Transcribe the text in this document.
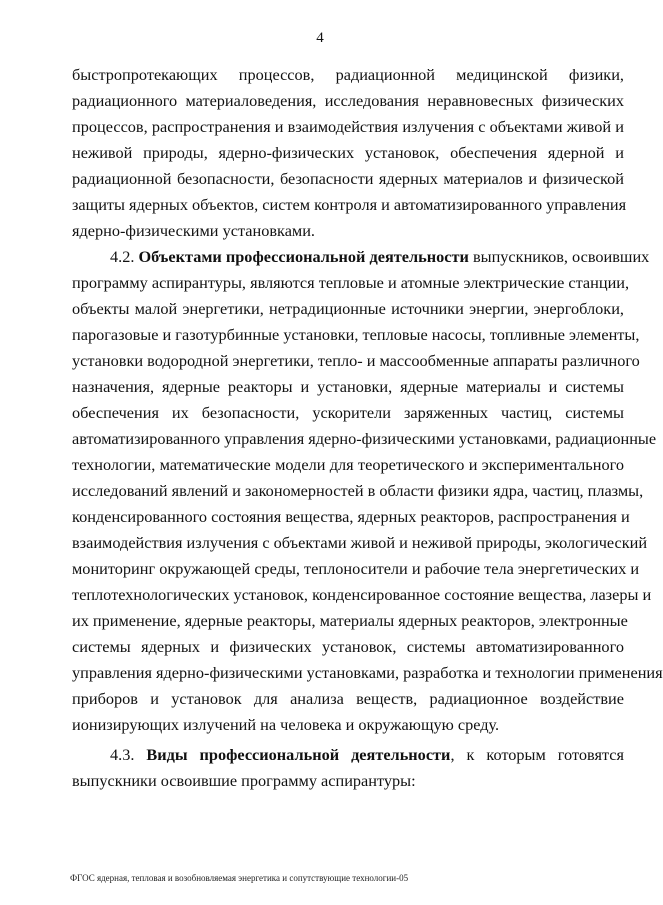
4
быстропротекающих процессов, радиационной медицинской физики,
радиационного материаловедения, исследования неравновесных физических
процессов, распространения и взаимодействия излучения с объектами живой и
неживой природы, ядерно-физических установок, обеспечения ядерной и
радиационной безопасности, безопасности ядерных материалов и физической
защиты ядерных объектов, систем контроля и автоматизированного управления
ядерно-физическими установками.
4.2. Объектами профессиональной деятельности выпускников, освоивших
программу аспирантуры, являются тепловые и атомные электрические станции,
объекты малой энергетики, нетрадиционные источники энергии, энергоблоки,
парогазовые и газотурбинные установки, тепловые насосы, топливные элементы,
установки водородной энергетики, тепло- и массообменные аппараты различного
назначения, ядерные реакторы и установки, ядерные материалы и системы
обеспечения их безопасности, ускорители заряженных частиц, системы
автоматизированного управления ядерно-физическими установками, радиационные
технологии, математические модели для теоретического и экспериментального
исследований явлений и закономерностей в области физики ядра, частиц, плазмы,
конденсированного состояния вещества, ядерных реакторов, распространения и
взаимодействия излучения с объектами живой и неживой природы, экологический
мониторинг окружающей среды, теплоносители и рабочие тела энергетических и
теплотехнологических установок, конденсированное состояние вещества, лазеры и
их применение, ядерные реакторы, материалы ядерных реакторов, электронные
системы ядерных и физических установок, системы автоматизированного
управления ядерно-физическими установками, разработка и технологии применения
приборов и установок для анализа веществ, радиационное воздействие
ионизирующих излучений на человека и окружающую среду.
4.3. Виды профессиональной деятельности, к которым готовятся
выпускники освоившие программу аспирантуры:
ФГОС ядерная, тепловая и возобновляемая энергетика и сопутствующие технологии-05
